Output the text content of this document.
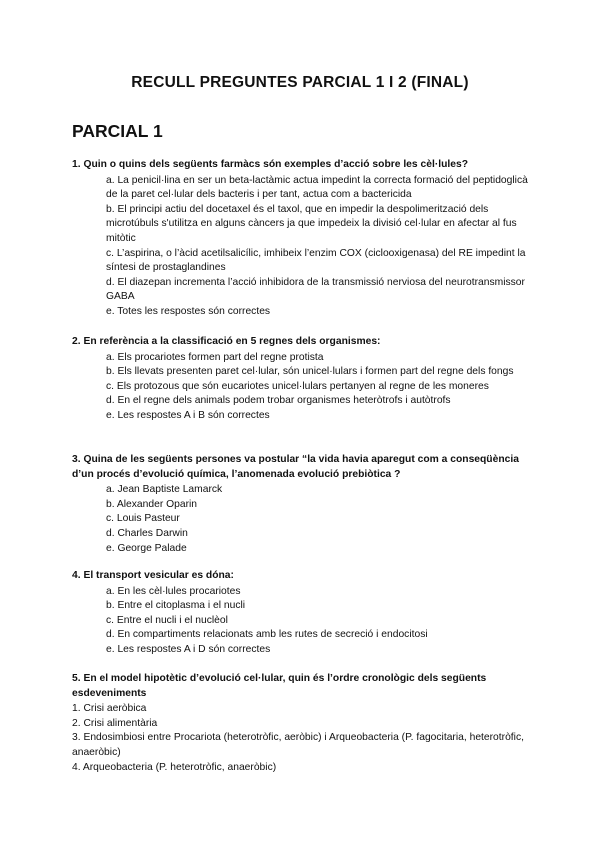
RECULL PREGUNTES PARCIAL 1 I 2 (FINAL)
PARCIAL 1

1. Quin o quins dels següents farmàcs són exemples d’acció sobre les cèl·lules?

a. La penicil·lina en ser un beta-lactàmic actua impedint la correcta formació del peptidoglicà de la paret cel·lular dels bacteris i per tant, actua com a bactericida
b. El principi actiu del docetaxel és el taxol, que en impedir la despolimerització dels microtúbuls s'utilitza en alguns càncers ja que impedeix la divisió cel·lular en afectar al fus mitòtic
c. L’aspirina, o l’àcid acetilsalicílic, imhibeix l’enzim COX (ciclooxigenasa) del RE impedint la síntesi de prostaglandines
d. El diazepan incrementa l’acció inhibidora de la transmissió nerviosa del neurotransmissor GABA
e. Totes les respostes són correctes

2. En referència a la classificació en 5 regnes dels organismes:

a. Els procariotes formen part del regne protista
b. Els llevats presenten paret cel·lular, són unicel·lulars i formen part del regne dels fongs
c. Els protozous que són eucariotes unicel·lulars pertanyen al regne de les moneres
d. En el regne dels animals podem trobar organismes heteròtrofs i autòtrofs
e. Les respostes A i B són correctes

3. Quina de les següents persones va postular “la vida havia aparegut com a conseqüència d’un procés d’evolució química, l’anomenada evolució prebiòtica ?

a. Jean Baptiste Lamarck
b. Alexander Oparin
c. Louis Pasteur
d. Charles Darwin
e. George Palade

4. El transport vesicular es dóna:

a. En les cèl·lules procariotes
b. Entre el citoplasma i el nucli
c. Entre el nucli i el nuclèol
d. En compartiments relacionats amb les rutes de secreció i endocitosi
e. Les respostes A i D són correctes

5. En el model hipotètic d’evolució cel·lular, quin és l’ordre cronològic dels següents esdeveniments

1. Crisi aeròbica
2. Crisi alimentària
3. Endosimbiosi entre Procariota (heterotròfic, aeròbic) i Arqueobacteria (P. fagocitaria, heterotròfic, anaeròbic)
4. Arqueobacteria (P. heterotròfic, anaeròbic)
